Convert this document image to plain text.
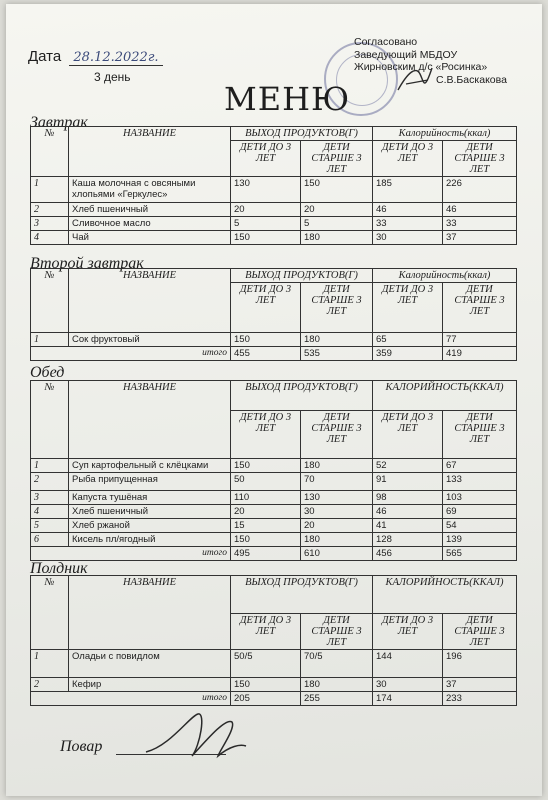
Дата 28.12.2022г.
3 день
Согласовано
Заведующий МБДОУ
Жирновским д/с «Росинка»
С.В.Баскакова
МЕНЮ
Завтрак
№	НАЗВАНИЕ	ВЫХОД ПРОДУКТОВ(Г)		Калорийность(ккал)	
		ДЕТИ ДО 3 ЛЕТ	ДЕТИ СТАРШЕ 3 ЛЕТ	ДЕТИ ДО 3 ЛЕТ	ДЕТИ СТАРШЕ 3 ЛЕТ
1	Каша молочная с овсяными хлопьями «Геркулес»	130	150	185	226
2	Хлеб пшеничный	20	20	46	46
3	Сливочное масло	5	5	33	33
4	Чай	150	180	30	37
Второй завтрак
№	НАЗВАНИЕ	ВЫХОД ПРОДУКТОВ(Г)		Калорийность(ккал)	
		ДЕТИ ДО 3 ЛЕТ	ДЕТИ СТАРШЕ 3 ЛЕТ	ДЕТИ ДО 3 ЛЕТ	ДЕТИ СТАРШЕ 3 ЛЕТ
1	Сок фруктовый	150	180	65	77
итого		455	535	359	419
Обед
№	НАЗВАНИЕ	ВЫХОД ПРОДУКТОВ(Г)		КАЛОРИЙНОСТЬ(ККАЛ)	
		ДЕТИ ДО 3 ЛЕТ	ДЕТИ СТАРШЕ 3 ЛЕТ	ДЕТИ ДО 3 ЛЕТ	ДЕТИ СТАРШЕ 3 ЛЕТ
1	Суп картофельный с клёцками	150	180	52	67
2	Рыба припущенная	50	70	91	133
3	Капуста тушёная	110	130	98	103
4	Хлеб пшеничный	20	30	46	69
5	Хлеб ржаной	15	20	41	54
6	Кисель пл/ягодный	150	180	128	139
итого		495	610	456	565
Полдник
№	НАЗВАНИЕ	ВЫХОД ПРОДУКТОВ(Г)		КАЛОРИЙНОСТЬ(ККАЛ)	
		ДЕТИ ДО 3 ЛЕТ	ДЕТИ СТАРШЕ 3 ЛЕТ	ДЕТИ ДО 3 ЛЕТ	ДЕТИ СТАРШЕ 3 ЛЕТ
1	Оладьи с повидлом	50/5	70/5	144	196
2	Кефир	150	180	30	37
итого		205	255	174	233
Повар
